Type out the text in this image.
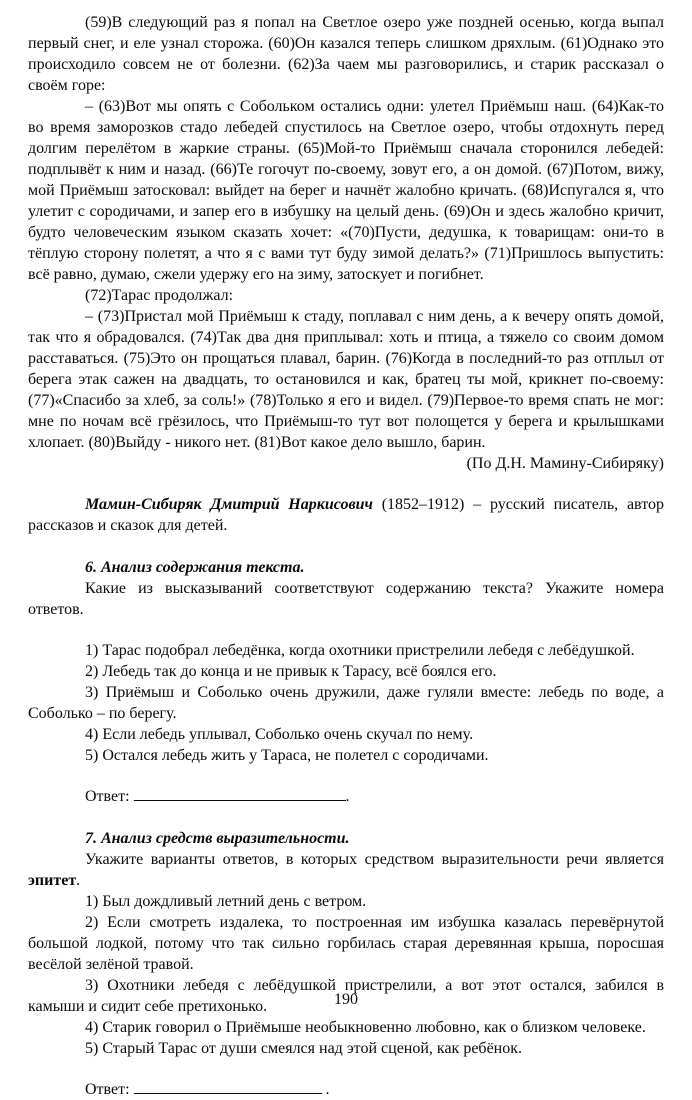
(59)В следующий раз я попал на Светлое озеро уже поздней осенью, когда выпал первый снег, и еле узнал сторожа. (60)Он казался теперь слишком дряхлым. (61)Однако это происходило совсем не от болезни. (62)За чаем мы разговорились, и старик рассказал о своём горе:

– (63)Вот мы опять с Собольком остались одни: улетел Приёмыш наш. (64)Как-то во время заморозков стадо лебедей спустилось на Светлое озеро, чтобы отдохнуть перед долгим перелётом в жаркие страны. (65)Мой-то Приёмыш сначала сторонился лебедей: подплывёт к ним и назад. (66)Те гогочут по-своему, зовут его, а он домой. (67)Потом, вижу, мой Приёмыш затосковал: выйдет на берег и начнёт жалобно кричать. (68)Испугался я, что улетит с сородичами, и запер его в избушку на целый день. (69)Он и здесь жалобно кричит, будто человеческим языком сказать хочет: «(70)Пусти, дедушка, к товарищам: они-то в тёплую сторону полетят, а что я с вами тут буду зимой делать?» (71)Пришлось выпустить: всё равно, думаю, сжели удержу его на зиму, затоскует и погибнет.

(72)Тарас продолжал:

– (73)Пристал мой Приёмыш к стаду, поплавал с ним день, а к вечеру опять домой, так что я обрадовался. (74)Так два дня приплывал: хоть и птица, а тяжело со своим домом расставаться. (75)Это он прощаться плавал, барин. (76)Когда в последний-то раз отплыл от берега этак сажен на двадцать, то остановился и как, братец ты мой, крикнет по-своему: (77)«Спасибо за хлеб, за соль!» (78)Только я его и видел. (79)Первое-то время спать не мог: мне по ночам всё грёзилось, что Приёмыш-то тут вот полощется у берега и крылышками хлопает. (80)Выйду - никого нет. (81)Вот какое дело вышло, барин.

(По Д.Н. Мамину-Сибиряку)

Мамин-Сибиряк Дмитрий Наркисович (1852–1912) – русский писатель, автор рассказов и сказок для детей.

6. Анализ содержания текста.

Какие из высказываний соответствуют содержанию текста? Укажите номера ответов.

1) Тарас подобрал лебедёнка, когда охотники пристрелили лебедя с лебёдушкой.

2) Лебедь так до конца и не привык к Тарасу, всё боялся его.

3) Приёмыш и Соболько очень дружили, даже гуляли вместе: лебедь по воде, а Соболько – по берегу.

4) Если лебедь уплывал, Соболько очень скучал по нему.

5) Остался лебедь жить у Тараса, не полетел с сородичами.

Ответ:	.

7. Анализ средств выразительности.

Укажите варианты ответов, в которых средством выразительности речи является эпитет.

1) Был дождливый летний день с ветром.

2) Если смотреть издалека, то построенная им избушка казалась перевёрнутой большой лодкой, потому что так сильно горбилась старая деревянная крыша, поросшая весёлой зелёной травой.

3) Охотники лебедя с лебёдушкой пристрелили, а вот этот остался, забился в камыши и сидит себе претихонько.

4) Старик говорил о Приёмыше необыкновенно любовно, как о близком человеке.

5) Старый Тарас от души смеялся над этой сценой, как ребёнок.

Ответ:	.

190
